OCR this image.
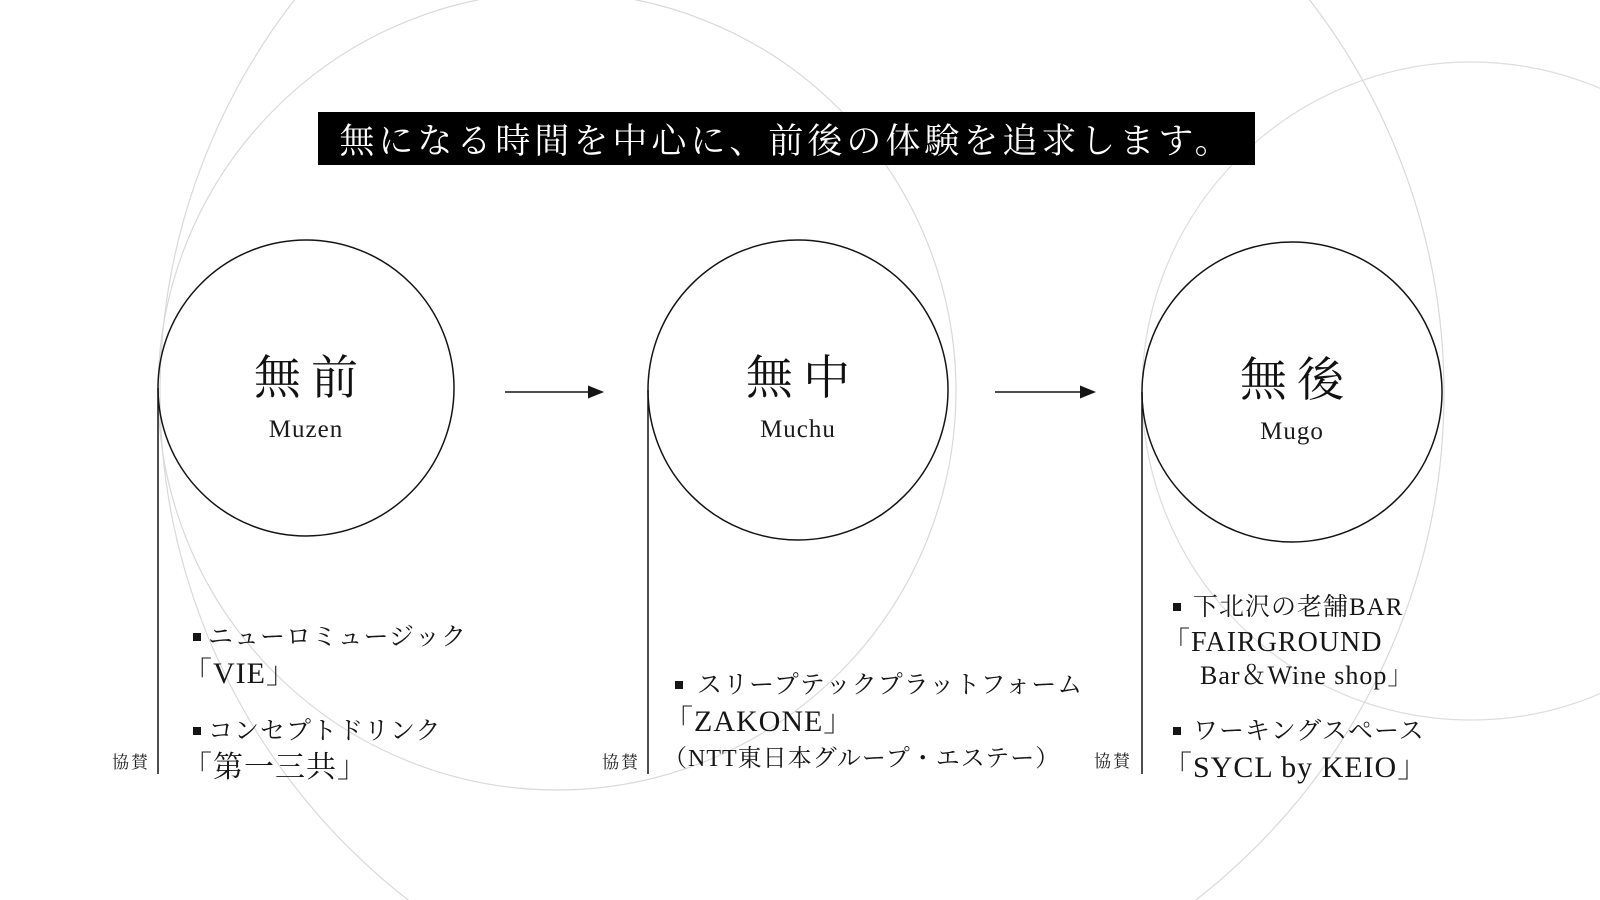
無になる時間を中心に、前後の体験を追求します。
無前
Muzen
無中
Muchu
無後
Mugo
協賛	協賛	協賛
ニューロミュージック
「VIE」
コンセプトドリンク
「第一三共」
スリープテックプラットフォーム
「ZAKONE」
（NTT東日本グループ・エステー）
下北沢の老舗BAR
「FAIRGROUND
Bar＆Wine shop」
ワーキングスペース
「SYCL by KEIO」
